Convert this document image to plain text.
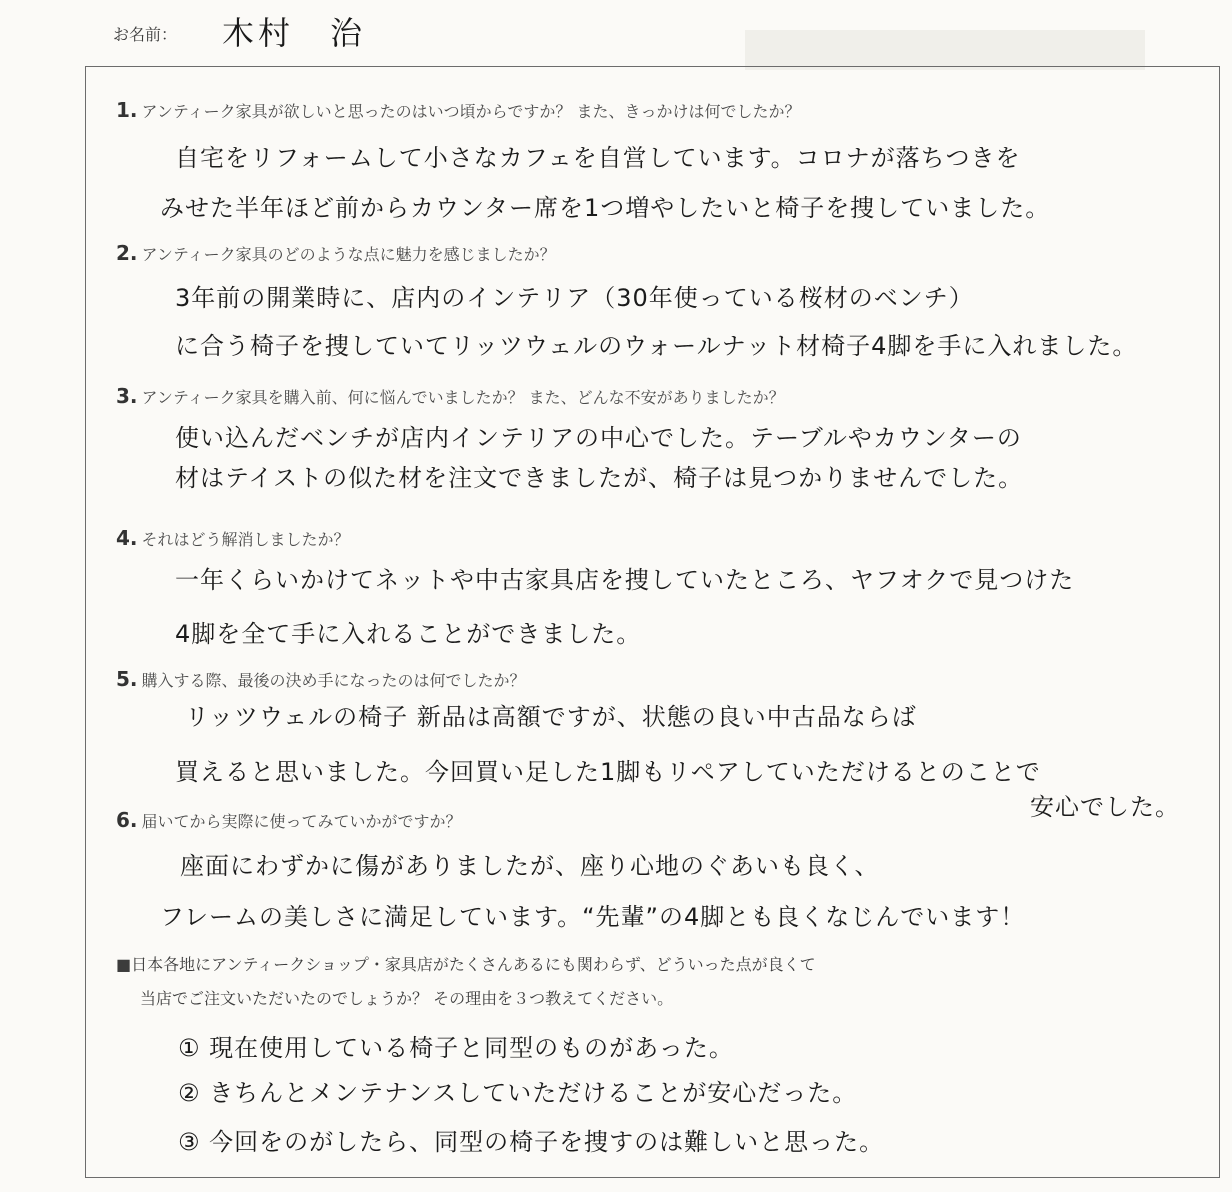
お名前： 木村　治
1. アンティーク家具が欲しいと思ったのはいつ頃からですか？ また、きっかけは何でしたか？
自宅をリフォームして小さなカフェを自営しています。コロナが落ちつきを
みせた半年ほど前からカウンター席を1つ増やしたいと椅子を捜していました。
2. アンティーク家具のどのような点に魅力を感じましたか？
3年前の開業時に、店内のインテリア（30年使っている桜材のベンチ）
に合う椅子を捜していてリッツウェルのウォールナット材椅子4脚を手に入れました。
3. アンティーク家具を購入前、何に悩んでいましたか？ また、どんな不安がありましたか？
使い込んだベンチが店内インテリアの中心でした。テーブルやカウンターの
材はテイストの似た材を注文できましたが、椅子は見つかりませんでした。
4. それはどう解消しましたか？
一年くらいかけてネットや中古家具店を捜していたところ、ヤフオクで見つけた
4脚を全て手に入れることができました。
5. 購入する際、最後の決め手になったのは何でしたか？
リッツウェルの椅子 新品は高額ですが、状態の良い中古品ならば
買えると思いました。今回買い足した1脚もリペアしていただけるとのことで
安心でした。
6. 届いてから実際に使ってみていかがですか？
座面にわずかに傷がありましたが、座り心地のぐあいも良く、
フレームの美しさに満足しています。“先輩”の4脚とも良くなじんでいます！
■日本各地にアンティークショップ・家具店がたくさんあるにも関わらず、どういった点が良くて
当店でご注文いただいたのでしょうか？ その理由を３つ教えてください。
① 現在使用している椅子と同型のものがあった。
② きちんとメンテナンスしていただけることが安心だった。
③ 今回をのがしたら、同型の椅子を捜すのは難しいと思った。
